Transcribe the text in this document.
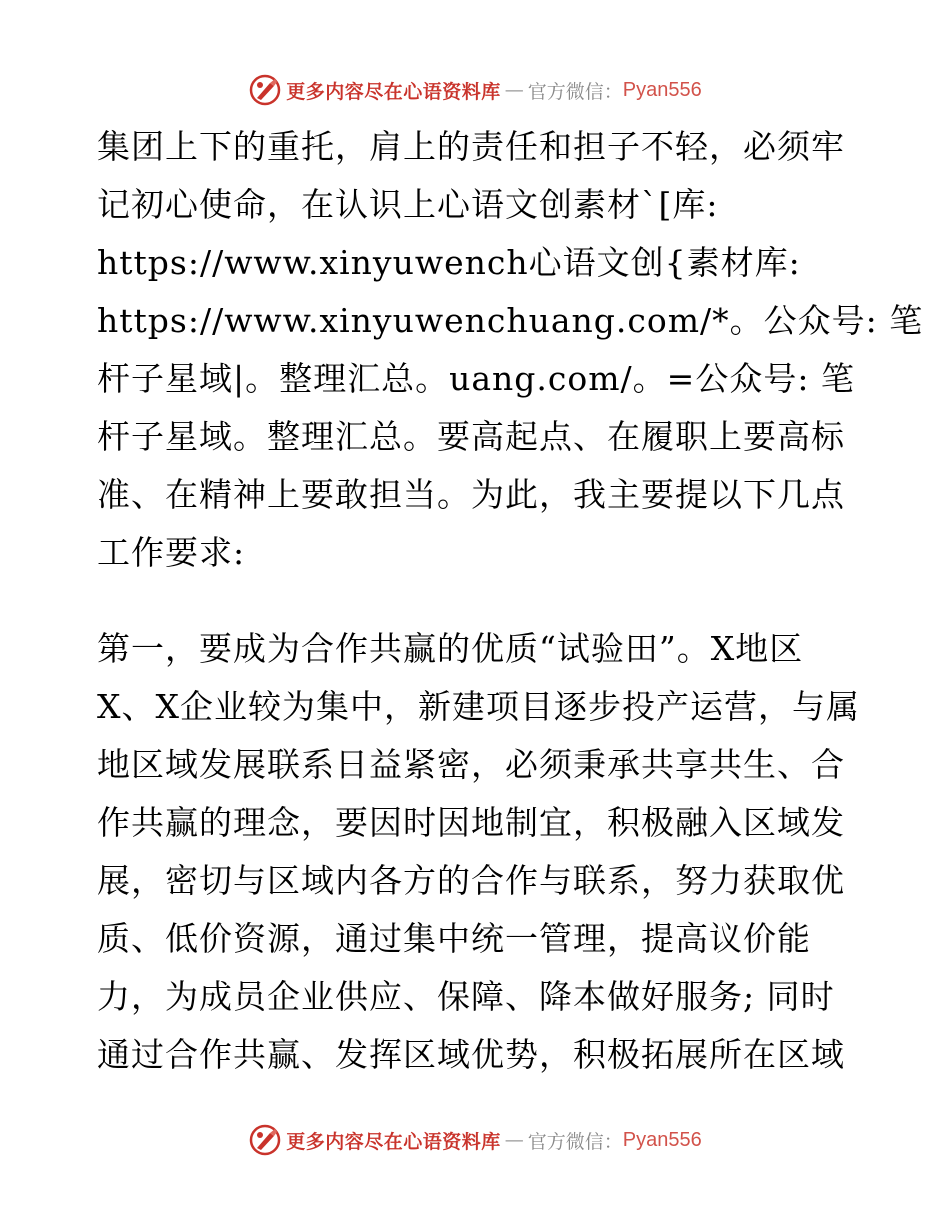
更多内容尽在心语资料库 — 官方微信： Pyan556
集团上下的重托，肩上的责任和担子不轻，必须牢
记初心使命，在认识上心语文创素材`[库:
https://www.xinyuwench心语文创{素材库:
https://www.xinyuwenchuang.com/*。公众号: 笔
杆子星域|。整理汇总。uang.com/。=公众号: 笔
杆子星域。整理汇总。要高起点、在履职上要高标
准、在精神上要敢担当。为此，我主要提以下几点
工作要求:
第一，要成为合作共赢的优质“试验田”。X地区
X、X企业较为集中，新建项目逐步投产运营，与属
地区域发展联系日益紧密，必须秉承共享共生、合
作共赢的理念，要因时因地制宜，积极融入区域发
展，密切与区域内各方的合作与联系，努力获取优
质、低价资源，通过集中统一管理，提高议价能
力，为成员企业供应、保障、降本做好服务; 同时
通过合作共赢、发挥区域优势，积极拓展所在区域
更多内容尽在心语资料库 — 官方微信： Pyan556
